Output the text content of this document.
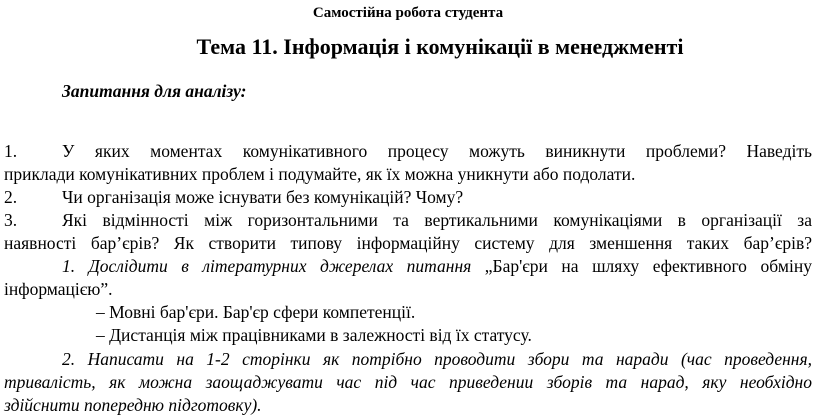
Самостійна робота студента
Тема 11. Інформація і комунікації в менеджменті
Запитання для аналізу:
1.	У яких моментах комунікативного процесу можуть виникнути проблеми? Наведіть
приклади комунікативних проблем і подумайте, як їх можна уникнути або подолати.
2.	Чи організація може існувати без комунікацій? Чому?
3.	Які відмінності між горизонтальними та вертикальними комунікаціями в організації за
наявності бар’єрів? Як створити типову інформаційну систему для зменшення таких бар’єрів?
1. Дослідити в літературних джерелах питання „Бар'єри на шляху ефективного обміну
інформацією”.
– Мовні бар'єри. Бар'єр сфери компетенції.
– Дистанція між працівниками в залежності від їх статусу.
2. Написати на 1-2 сторінки як потрібно проводити збори та наради (час проведення,
тривалість, як можна заощаджувати час під час приведении зборів та нарад, яку необхідно
здійснити попередню підготовку).
